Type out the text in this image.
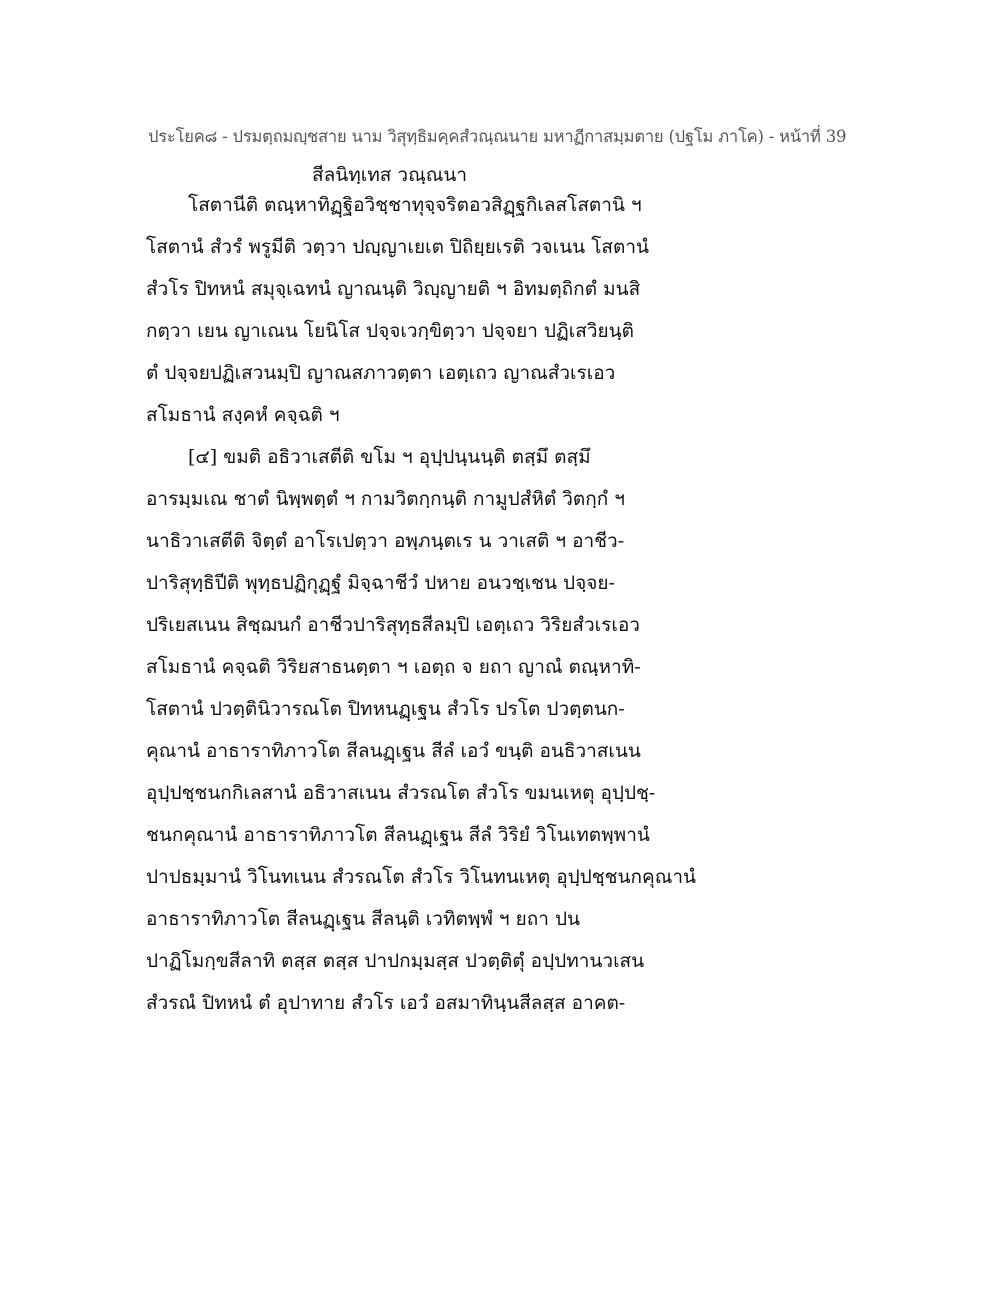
ประโยค๘ - ปรมตฺถมญฺชสาย นาม วิสุทฺธิมคฺคสํวณฺณนาย มหาฏีกาสมฺมตาย (ปฐโม ภาโค) - หน้าที่ 39
สีลนิทฺเทส วณฺณนา
โสตานีติ ตณฺหาทิฏฺฐิอวิชฺชาทุจฺจริตอวสิฏฺฐกิเลสโสตานิ ฯ
โสตานํ สํวรํ พรูมีติ วตฺวา ปญฺญาเยเต ปิถิยฺยเรติ วจเนน โสตานํ
สํวโร ปิทหนํ สมุจฺเฉทนํ ญาณนฺติ วิญฺญายติ ฯ อิทมตฺถิกตํ มนสิ
กตฺวา เยน ญาเณน โยนิโส ปจฺจเวกฺขิตฺวา ปจฺจยา ปฏิเสวิยนฺติ
ตํ ปจฺจยปฏิเสวนมฺปิ ญาณสภาวตฺตา เอตฺเถว ญาณสํวเรเอว
สโมธานํ สงฺคหํ คจฺฉติ ฯ
[๔] ขมติ อธิวาเสตีติ ขโม ฯ อุปฺปนฺนนฺติ ตสฺมึ ตสฺมึ
อารมฺมเณ ชาตํ นิพฺพตฺตํ ฯ กามวิตกฺกนฺติ กามูปสํหิตํ วิตกฺกํ ฯ
นาธิวาเสตีติ จิตฺตํ อาโรเปตฺวา อพฺภนฺตเร น วาเสติ ฯ อาชีว-
ปาริสุทฺธิปีติ พุทฺธปฏิกุฏฺฐํ มิจฺฉาชีวํ ปหาย อนวชฺเชน ปจฺจย-
ปริเยสเนน สิชฺฌนกํ อาชีวปาริสุทฺธสีลมฺปิ เอตฺเถว วิริยสํวเรเอว
สโมธานํ คจฺฉติ วิริยสาธนตฺตา ฯ เอตฺถ จ ยถา ญาณํ ตณฺหาทิ-
โสตานํ ปวตฺตินิวารณโต ปิทหนฏฺเฐน สํวโร ปรโต ปวตฺตนก-
คุณานํ อาธาราทิภาวโต สีลนฏฺเฐน สีลํ เอวํ ขนฺติ อนธิวาสเนน
อุปฺปชฺชนกกิเลสานํ อธิวาสเนน สํวรณโต สํวโร ขมนเหตุ อุปฺปชฺ-
ชนกคุณานํ อาธาราทิภาวโต สีลนฏฺเฐน สีลํ วิริยํ วิโนเทตพฺพานํ
ปาปธมฺมานํ วิโนทเนน สํวรณโต สํวโร วิโนทนเหตุ อุปฺปชฺชนกคุณานํ
อาธาราทิภาวโต สีลนฏฺเฐน สีลนฺติ เวทิตพฺพํ ฯ ยถา ปน
ปาฏิโมกฺขสีลาทิ ตสฺส ตสฺส ปาปกมฺมสฺส ปวตฺติตุํ อปฺปทานวเสน
สํวรณํ ปิทหนํ ตํ อุปาทาย สํวโร เอวํ อสมาทินฺนสีลสฺส อาคต-
